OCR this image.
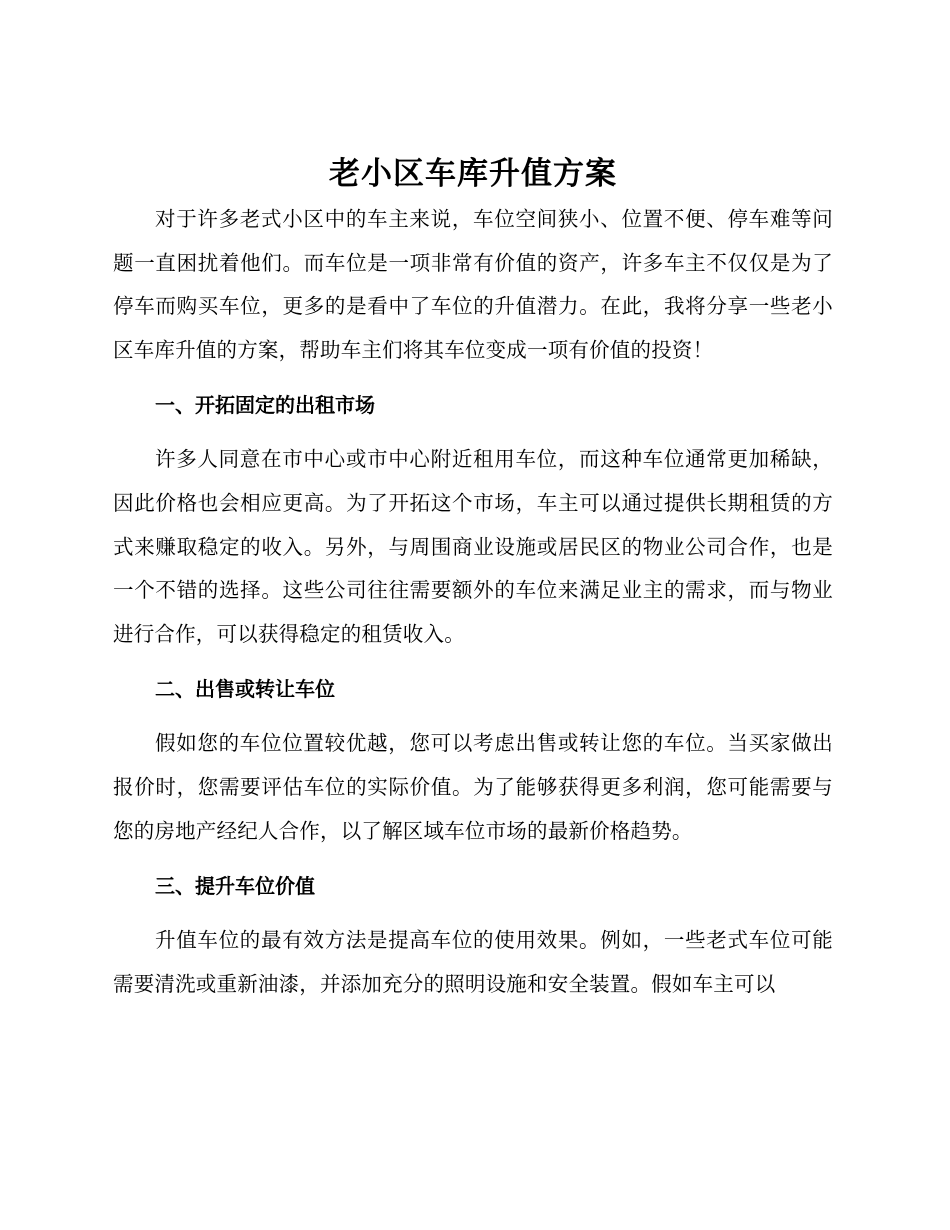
老小区车库升值方案

对于许多老式小区中的车主来说，车位空间狭小、位置不便、停车难等问题一直困扰着他们。而车位是一项非常有价值的资产，许多车主不仅仅是为了停车而购买车位，更多的是看中了车位的升值潜力。在此，我将分享一些老小区车库升值的方案，帮助车主们将其车位变成一项有价值的投资！

一、开拓固定的出租市场

许多人同意在市中心或市中心附近租用车位，而这种车位通常更加稀缺，因此价格也会相应更高。为了开拓这个市场，车主可以通过提供长期租赁的方式来赚取稳定的收入。另外，与周围商业设施或居民区的物业公司合作，也是一个不错的选择。这些公司往往需要额外的车位来满足业主的需求，而与物业进行合作，可以获得稳定的租赁收入。

二、出售或转让车位

假如您的车位位置较优越，您可以考虑出售或转让您的车位。当买家做出报价时，您需要评估车位的实际价值。为了能够获得更多利润，您可能需要与您的房地产经纪人合作，以了解区域车位市场的最新价格趋势。

三、提升车位价值

升值车位的最有效方法是提高车位的使用效果。例如，一些老式车位可能需要清洗或重新油漆，并添加充分的照明设施和安全装置。假如车主可以
